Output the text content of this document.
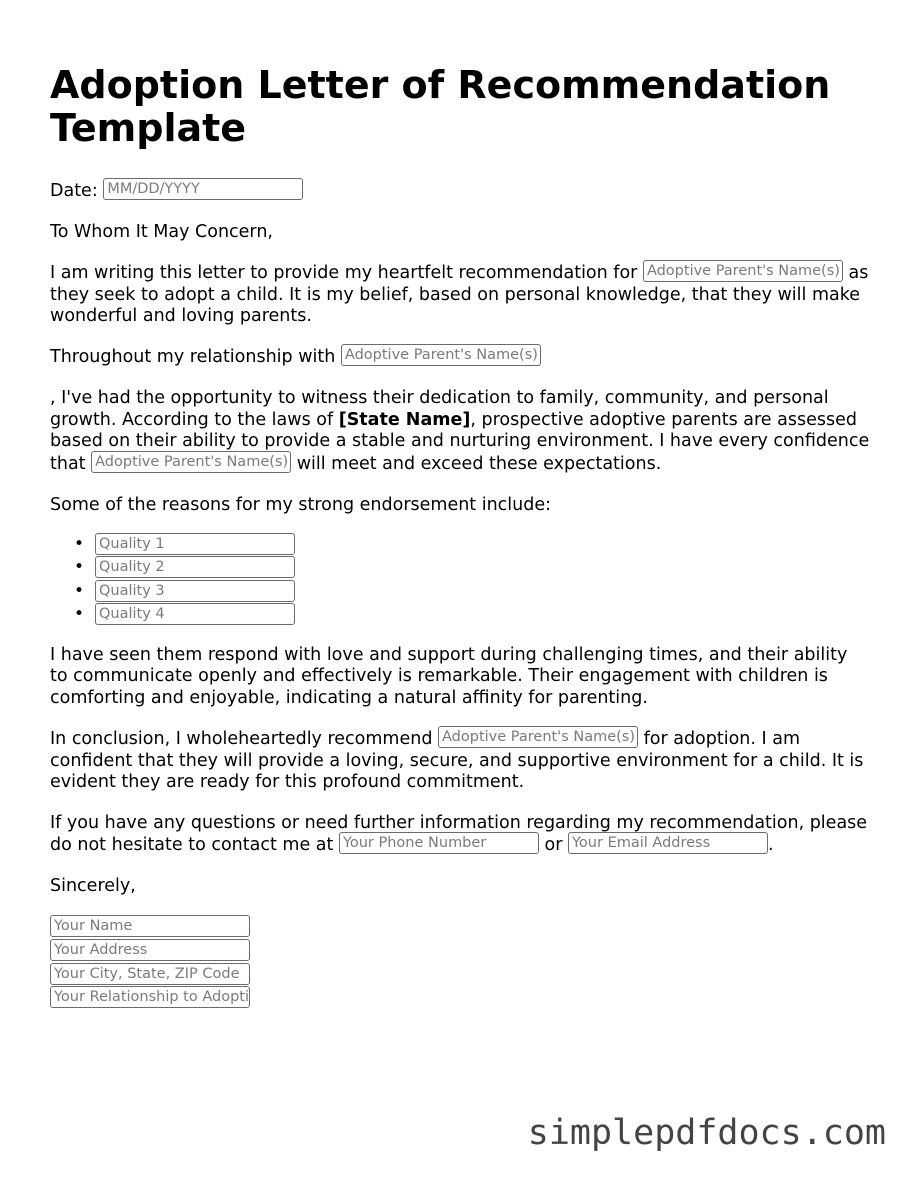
Adoption Letter of Recommendation Template

Date: MM/DD/YYYY

To Whom It May Concern,

I am writing this letter to provide my heartfelt recommendation for Adoptive Parent's Name(s)	as they seek to adopt a child. It is my belief, based on personal knowledge, that they will make wonderful and loving parents.

Throughout my relationship with Adoptive Parent's Name(s)

, I've had the opportunity to witness their dedication to family, community, and personal growth. According to the laws of [State Name], prospective adoptive parents are assessed based on their ability to provide a stable and nurturing environment. I have every confidence that Adoptive Parent's Name(s)	will meet and exceed these expectations.

Some of the reasons for my strong endorsement include:

•
Quality 1
•
Quality 2
•
Quality 3
•
Quality 4

I have seen them respond with love and support during challenging times, and their ability to communicate openly and effectively is remarkable. Their engagement with children is comforting and enjoyable, indicating a natural affinity for parenting.

In conclusion, I wholeheartedly recommend Adoptive Parent's Name(s)	for adoption. I am confident that they will provide a loving, secure, and supportive environment for a child. It is evident they are ready for this profound commitment.

If you have any questions or need further information regarding my recommendation, please do not hesitate to contact me at Your Phone Number	or Your Email Address	.

Sincerely,

Your Name
Your Address
Your City, State, ZIP Code
Your Relationship to Adoptive Parents
simplepdfdocs.com
